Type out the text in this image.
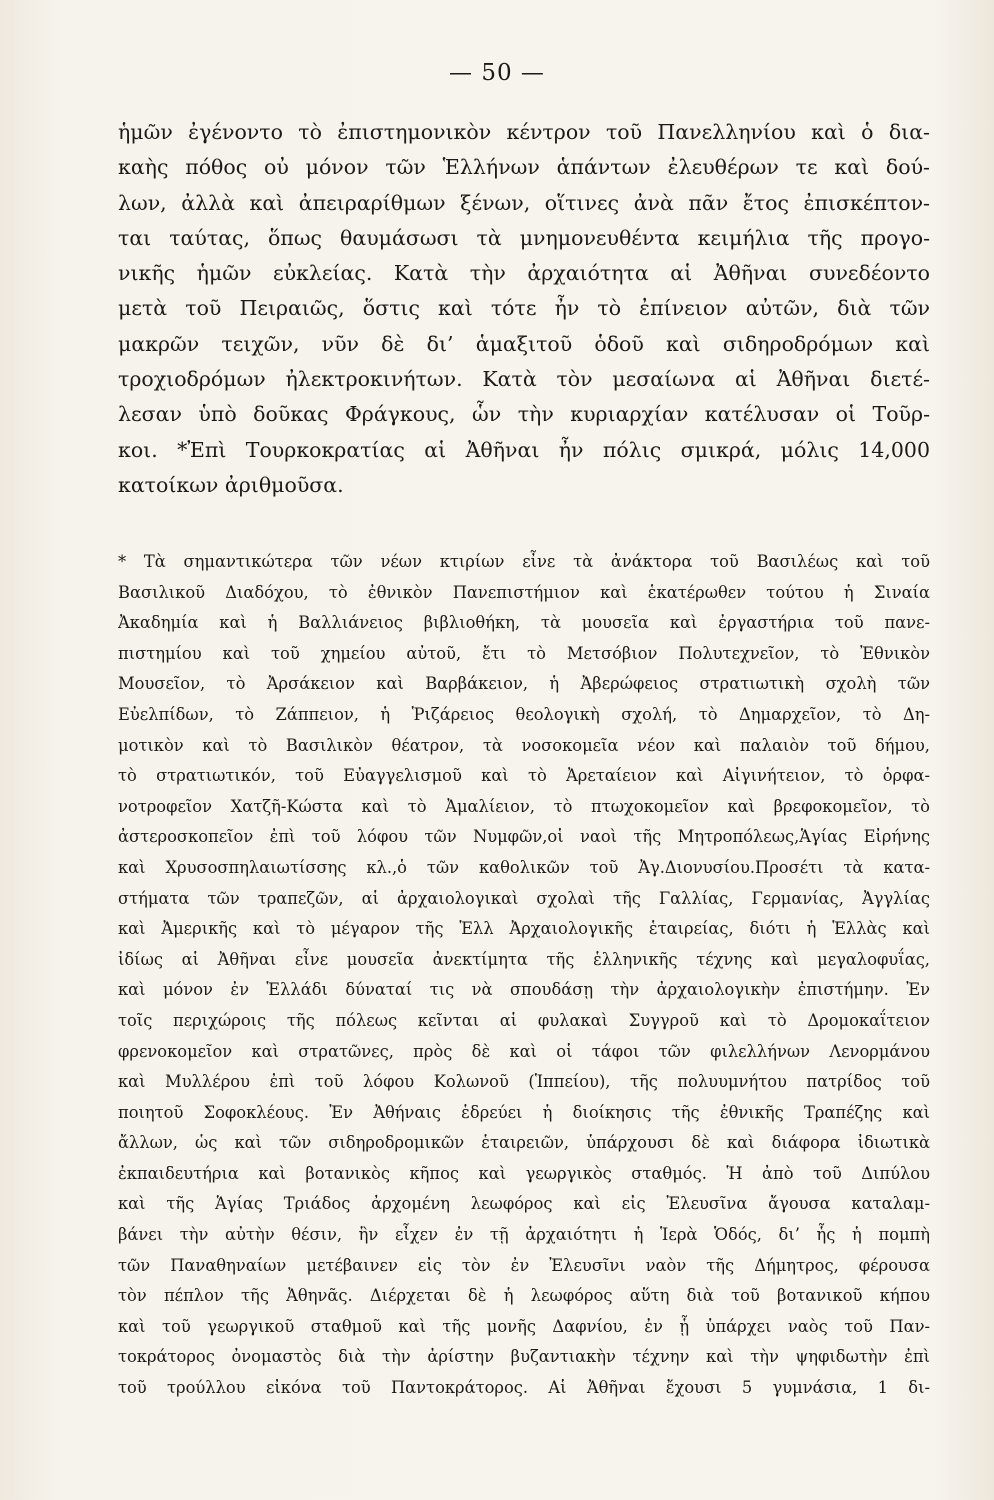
— 50 —
ἡμῶν ἐγένοντο τὸ ἐπιστημονικὸν κέντρον τοῦ Πανελληνίου καὶ ὁ δια-
καὴς πόθος οὐ μόνον τῶν Ἑλλήνων ἁπάντων ἐλευθέρων τε καὶ δού-
λων, ἀλλὰ καὶ ἀπειραρίθμων ξένων, οἵτινες ἀνὰ πᾶν ἔτος ἐπισκέπτον-
ται ταύτας, ὅπως θαυμάσωσι τὰ μνημονευθέντα κειμήλια τῆς προγο-
νικῆς ἡμῶν εὐκλείας. Κατὰ τὴν ἀρχαιότητα αἱ Ἀθῆναι συνεδέοντο
μετὰ τοῦ Πειραιῶς, ὅστις καὶ τότε ἦν τὸ ἐπίνειον αὐτῶν, διὰ τῶν
μακρῶν τειχῶν, νῦν δὲ δι’ ἁμαξιτοῦ ὁδοῦ καὶ σιδηροδρόμων καὶ
τροχιοδρόμων ἠλεκτροκινήτων. Κατὰ τὸν μεσαίωνα αἱ Ἀθῆναι διετέ-
λεσαν ὑπὸ δοῦκας Φράγκους, ὧν τὴν κυριαρχίαν κατέλυσαν οἱ Τοῦρ-
κοι. *Ἐπὶ Τουρκοκρατίας αἱ Ἀθῆναι ἦν πόλις σμικρά, μόλις 14,000
κατοίκων ἀριθμοῦσα.
* Τὰ σημαντικώτερα τῶν νέων κτιρίων εἶνε τὰ ἀνάκτορα τοῦ Βασιλέως καὶ τοῦ
Βασιλικοῦ Διαδόχου, τὸ ἐθνικὸν Πανεπιστήμιον καὶ ἑκατέρωθεν τούτου ἡ Σιναία
Ἀκαδημία καὶ ἡ Βαλλιάνειος βιβλιοθήκη, τὰ μουσεῖα καὶ ἐργαστήρια τοῦ πανε-
πιστημίου καὶ τοῦ χημείου αὐτοῦ, ἔτι τὸ Μετσόβιον Πολυτεχνεῖον, τὸ Ἐθνικὸν
Μουσεῖον, τὸ Ἀρσάκειον καὶ Βαρβάκειον, ἡ Ἀβερώφειος στρατιωτικὴ σχολὴ τῶν
Εὐελπίδων, τὸ Ζάππειον, ἡ Ῥιζάρειος θεολογικὴ σχολή, τὸ Δημαρχεῖον, τὸ Δη-
μοτικὸν καὶ τὸ Βασιλικὸν θέατρον, τὰ νοσοκομεῖα νέον καὶ παλαιὸν τοῦ δήμου,
τὸ στρατιωτικόν, τοῦ Εὐαγγελισμοῦ καὶ τὸ Ἀρεταίειον καὶ Αἰγινήτειον, τὸ ὀρφα-
νοτροφεῖον Χατζῆ-Κώστα καὶ τὸ Ἀμαλίειον, τὸ πτωχοκομεῖον καὶ βρεφοκομεῖον, τὸ
ἀστεροσκοπεῖον ἐπὶ τοῦ λόφου τῶν Νυμφῶν,οἱ ναοὶ τῆς Μητροπόλεως,Ἁγίας Εἰρήνης
καὶ Χρυσοσπηλαιωτίσσης κλ.,ὁ τῶν καθολικῶν τοῦ Ἀγ.Διονυσίου.Προσέτι τὰ κατα-
στήματα τῶν τραπεζῶν, αἱ ἀρχαιολογικαὶ σχολαὶ τῆς Γαλλίας, Γερμανίας, Ἀγγλίας
καὶ Ἀμερικῆς καὶ τὸ μέγαρον τῆς Ἑλλ Ἀρχαιολογικῆς ἑταιρείας, διότι ἡ Ἑλλὰς καὶ
ἰδίως αἱ Ἀθῆναι εἶνε μουσεῖα ἀνεκτίμητα τῆς ἑλληνικῆς τέχνης καὶ μεγαλοφυΐας,
καὶ μόνον ἐν Ἑλλάδι δύναταί τις νὰ σπουδάσῃ τὴν ἀρχαιολογικὴν ἐπιστήμην. Ἐν
τοῖς περιχώροις τῆς πόλεως κεῖνται αἱ φυλακαὶ Συγγροῦ καὶ τὸ Δρομοκαΐτειον
φρενοκομεῖον καὶ στρατῶνες, πρὸς δὲ καὶ οἱ τάφοι τῶν φιλελλήνων Λενορμάνου
καὶ Μυλλέρου ἐπὶ τοῦ λόφου Κολωνοῦ (Ἱππείου), τῆς πολυυμνήτου πατρίδος τοῦ
ποιητοῦ Σοφοκλέους. Ἐν Ἀθήναις ἑδρεύει ἡ διοίκησις τῆς ἐθνικῆς Τραπέζης καὶ
ἄλλων, ὡς καὶ τῶν σιδηροδρομικῶν ἑταιρειῶν, ὑπάρχουσι δὲ καὶ διάφορα ἰδιωτικὰ
ἐκπαιδευτήρια καὶ βοτανικὸς κῆπος καὶ γεωργικὸς σταθμός. Ἡ ἀπὸ τοῦ Διπύλου
καὶ τῆς Ἁγίας Τριάδος ἀρχομένη λεωφόρος καὶ εἰς Ἐλευσῖνα ἄγουσα καταλαμ-
βάνει τὴν αὐτὴν θέσιν, ἣν εἶχεν ἐν τῇ ἀρχαιότητι ἡ Ἱερὰ Ὁδός, δι’ ἧς ἡ πομπὴ
τῶν Παναθηναίων μετέβαινεν εἰς τὸν ἐν Ἐλευσῖνι ναὸν τῆς Δήμητρος, φέρουσα
τὸν πέπλον τῆς Ἀθηνᾶς. Διέρχεται δὲ ἡ λεωφόρος αὕτη διὰ τοῦ βοτανικοῦ κήπου
καὶ τοῦ γεωργικοῦ σταθμοῦ καὶ τῆς μονῆς Δαφνίου, ἐν ᾗ ὑπάρχει ναὸς τοῦ Παν-
τοκράτορος ὀνομαστὸς διὰ τὴν ἀρίστην βυζαντιακὴν τέχνην καὶ τὴν ψηφιδωτὴν ἐπὶ
τοῦ τρούλλου εἰκόνα τοῦ Παντοκράτορος. Αἱ Ἀθῆναι ἔχουσι 5 γυμνάσια, 1 δι-
